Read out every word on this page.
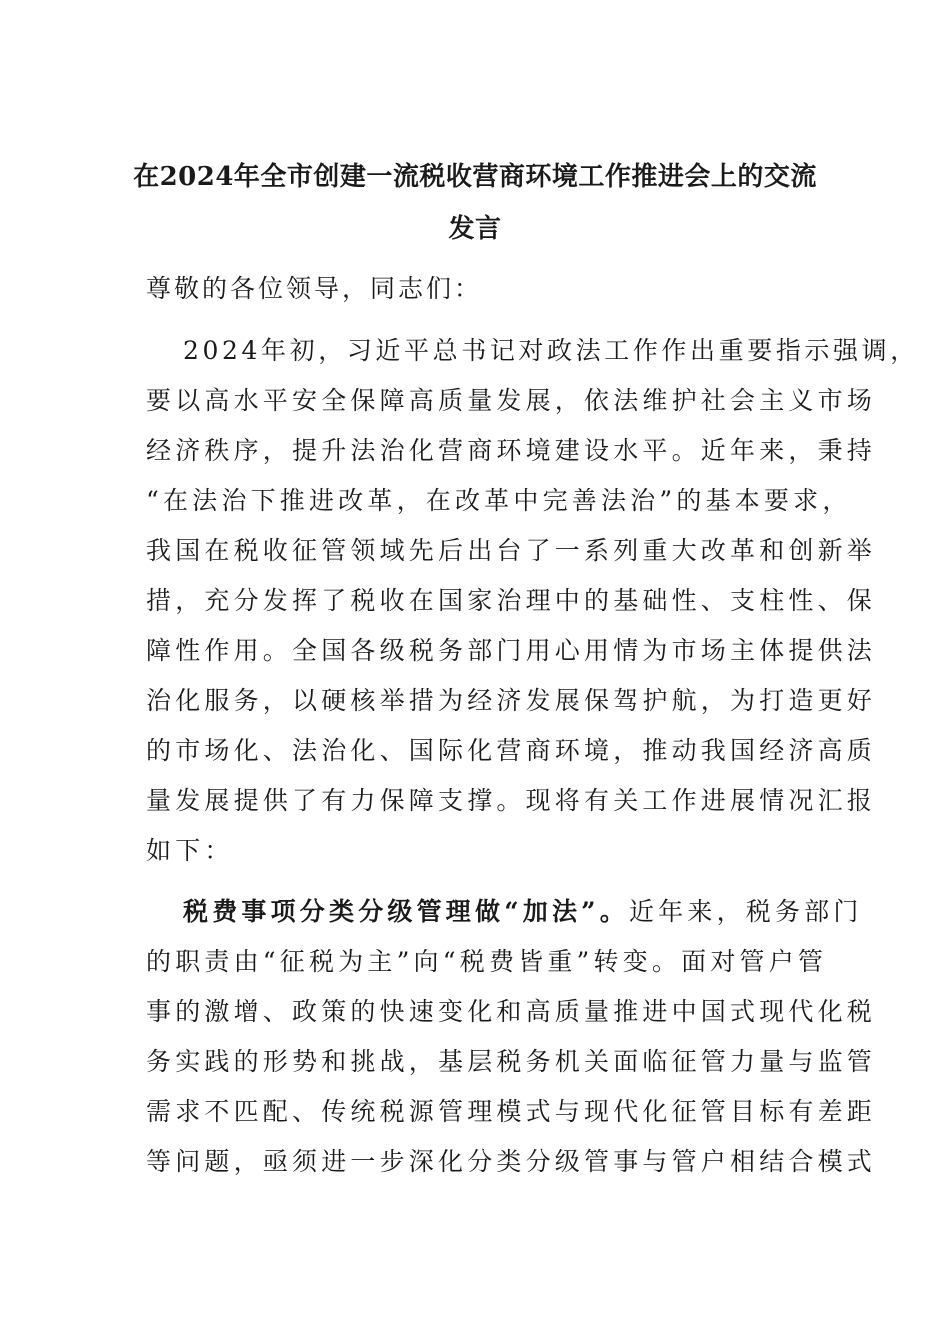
在2024年全市创建一流税收营商环境工作推进会上的交流
发言

尊敬的各位领导，同志们：

2024年初，习近平总书记对政法工作作出重要指示强调，

要以高水平安全保障高质量发展，依法维护社会主义市场

经济秩序，提升法治化营商环境建设水平。近年来，秉持

“在法治下推进改革，在改革中完善法治”的基本要求，

我国在税收征管领域先后出台了一系列重大改革和创新举

措，充分发挥了税收在国家治理中的基础性、支柱性、保

障性作用。全国各级税务部门用心用情为市场主体提供法

治化服务，以硬核举措为经济发展保驾护航，为打造更好

的市场化、法治化、国际化营商环境，推动我国经济高质

量发展提供了有力保障支撑。现将有关工作进展情况汇报

如下：

税费事项分类分级管理做“加法”。近年来，税务部门

的职责由“征税为主”向“税费皆重”转变。面对管户管

事的激增、政策的快速变化和高质量推进中国式现代化税

务实践的形势和挑战，基层税务机关面临征管力量与监管

需求不匹配、传统税源管理模式与现代化征管目标有差距

等问题，亟须进一步深化分类分级管事与管户相结合模式
